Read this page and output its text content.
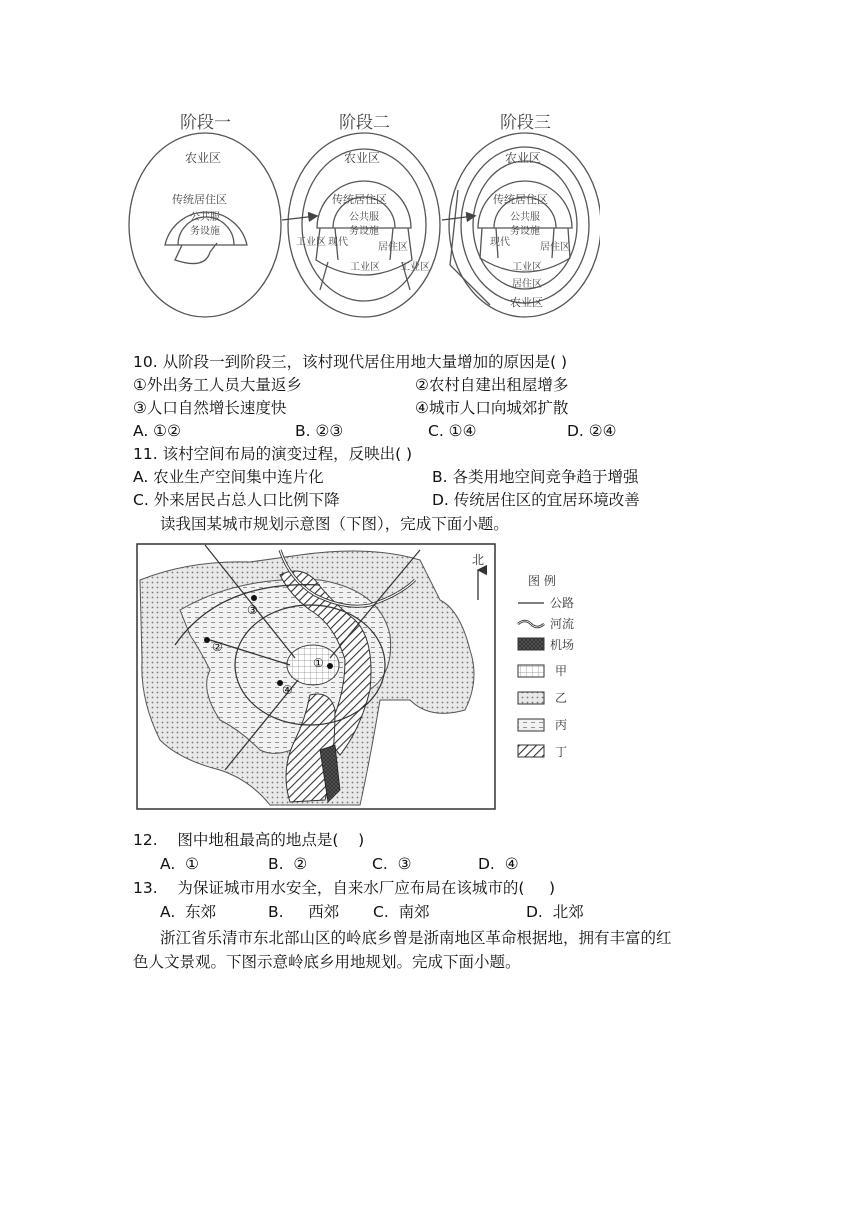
阶段一	阶段二	阶段三
农业区
传统居住区
公共服
务设施
农业区
传统居住区
公共服
务设施
现代	居住区
工业区
工业区
工业区
农业区
传统居住区
公共服
务设施
现代	居住区
工业区
居住区
农业区
10. 从阶段一到阶段三，该村现代居住用地大量增加的原因是( )
①外出务工人员大量返乡	②农村自建出租屋增多
③人口自然增长速度快	④城市人口向城郊扩散
A. ①②	B. ②③	C. ①④	D. ②④
11. 该村空间布局的演变过程，反映出( )
A. 农业生产空间集中连片化	B. 各类用地空间竞争趋于增强
C. 外来居民占总人口比例下降	D. 传统居住区的宜居环境改善
读我国某城市规划示意图（下图），完成下面小题。
①
②
③
④
北
图 例
公路
河流
机场
甲
乙
丙
丁
12.    图中地租最高的地点是(    )
A.  ①	B.  ②	C.  ③	D.  ④
13.    为保证城市用水安全，自来水厂应布局在该城市的(     )
A.  东郊	B.     西郊 C.  南郊	D.  北郊
浙江省乐清市东北部山区的岭底乡曾是浙南地区革命根据地，拥有丰富的红
色人文景观。下图示意岭底乡用地规划。完成下面小题。
